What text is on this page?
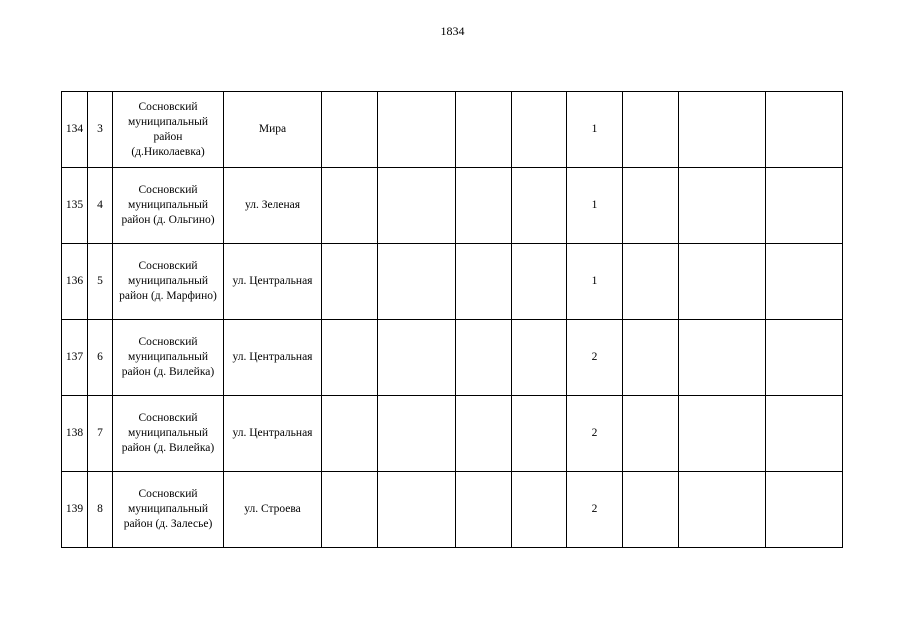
1834
134	3	Сосновский
муниципальный
район
(д.Николаевка)	Мира					1			
135	4	Сосновский
муниципальный
район (д. Ольгино)	ул. Зеленая					1			
136	5	Сосновский
муниципальный
район (д. Марфино)	ул. Центральная					1			
137	6	Сосновский
муниципальный
район (д. Вилейка)	ул. Центральная					2			
138	7	Сосновский
муниципальный
район (д. Вилейка)	ул. Центральная					2			
139	8	Сосновский
муниципальный
район (д. Залесье)	ул. Строева					2			
